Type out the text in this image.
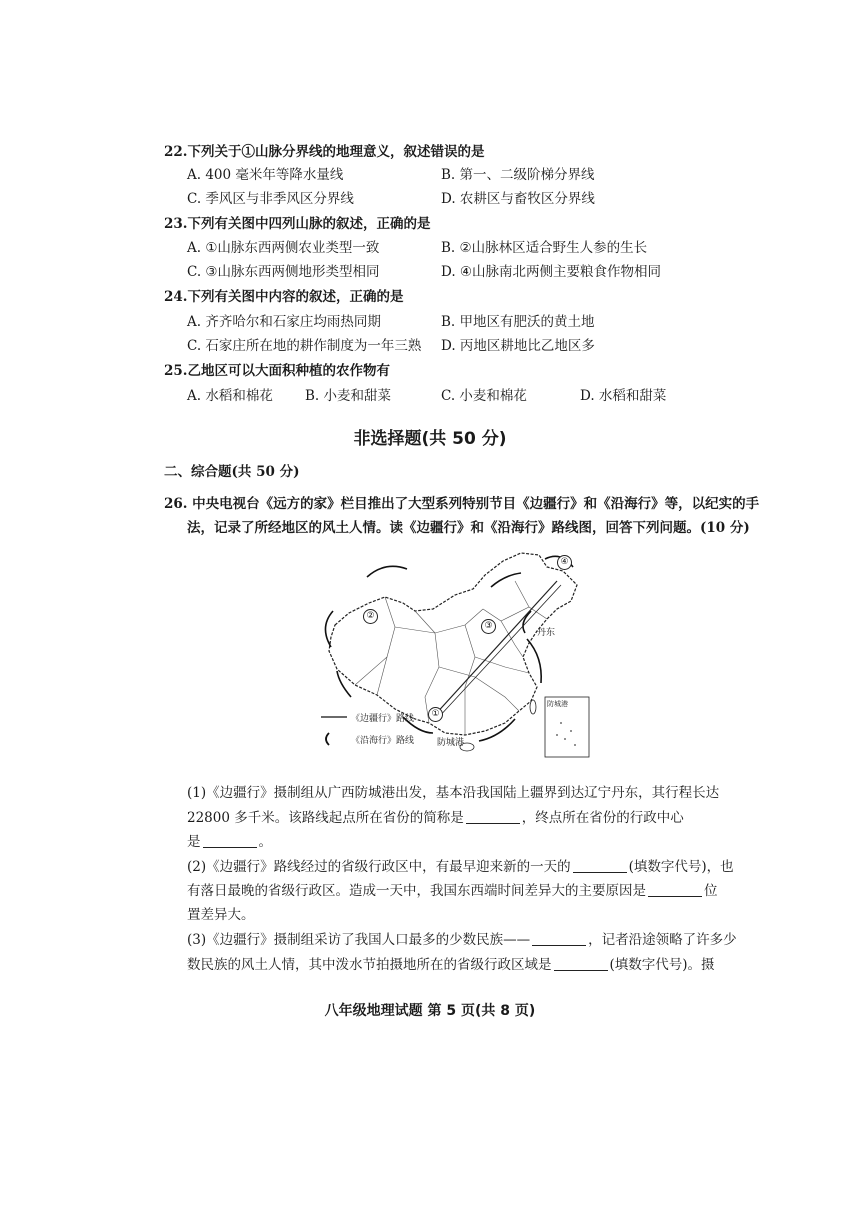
22.下列关于①山脉分界线的地理意义，叙述错误的是
A. 400 毫米年等降水量线	B. 第一、二级阶梯分界线
C. 季风区与非季风区分界线	D. 农耕区与畜牧区分界线
23.下列有关图中四列山脉的叙述，正确的是
A. ①山脉东西两侧农业类型一致	B. ②山脉林区适合野生人参的生长
C. ③山脉东西两侧地形类型相同	D. ④山脉南北两侧主要粮食作物相同
24.下列有关图中内容的叙述，正确的是
A. 齐齐哈尔和石家庄均雨热同期	B. 甲地区有肥沃的黄土地
C. 石家庄所在地的耕作制度为一年三熟 D. 丙地区耕地比乙地区多
25.乙地区可以大面积种植的农作物有
A. 水稻和棉花 B. 小麦和甜菜	C. 小麦和棉花	D. 水稻和甜菜
非选择题(共 50 分)
二、综合题(共 50 分)
26. 中央电视台《远方的家》栏目推出了大型系列特别节目《边疆行》和《沿海行》等，以纪实的手
法，记录了所经地区的风土人情。读《边疆行》和《沿海行》路线图，回答下列问题。(10 分)
②
③
④
①
丹东
防城港
防城港
《边疆行》路线
《沿海行》路线
(1)《边疆行》摄制组从广西防城港出发，基本沿我国陆上疆界到达辽宁丹东，其行程长达
22800 多千米。该路线起点所在省份的简称是	，终点所在省份的行政中心
是	。
(2)《边疆行》路线经过的省级行政区中，有最早迎来新的一天的	(填数字代号)，也
有落日最晚的省级行政区。造成一天中，我国东西端时间差异大的主要原因是	位
置差异大。
(3)《边疆行》摄制组采访了我国人口最多的少数民族——	，记者沿途领略了许多少
数民族的风土人情，其中泼水节拍摄地所在的省级行政区域是	(填数字代号)。摄
八年级地理试题 第 5 页(共 8 页)
